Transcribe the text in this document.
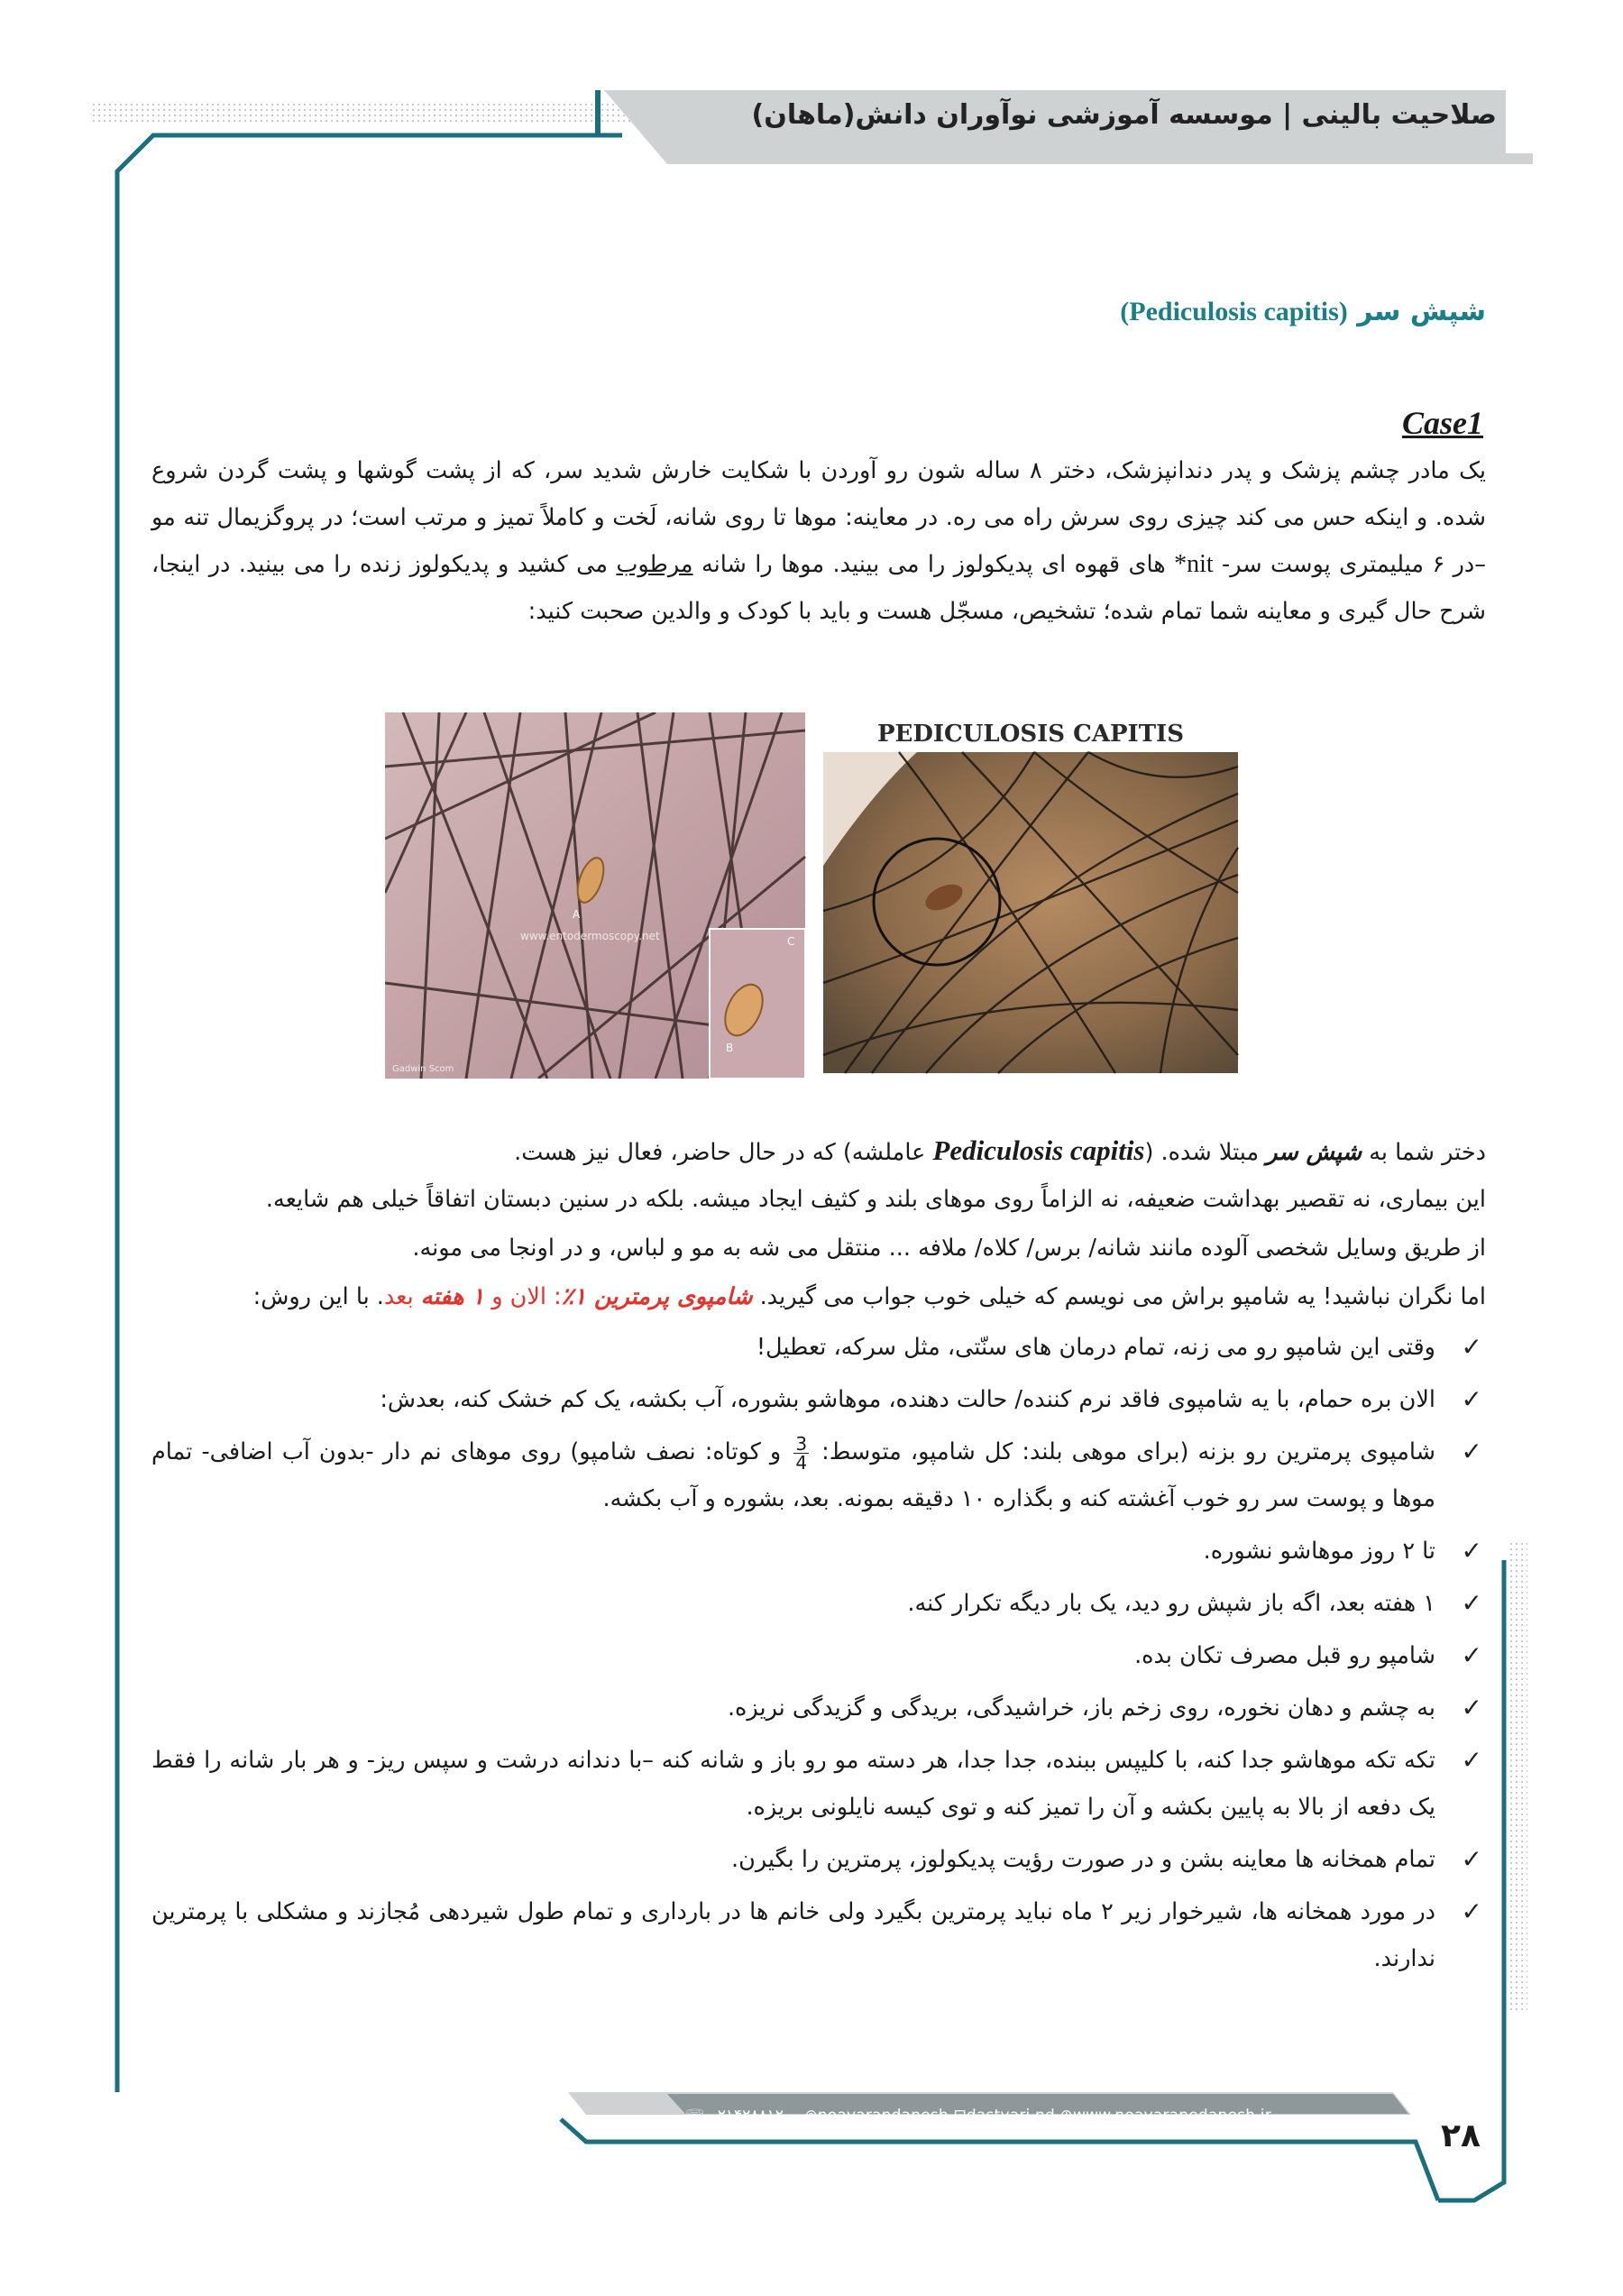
صلاحیت بالینی | موسسه آموزشی نوآوران دانش(ماهان)
شپش سر (Pediculosis capitis)
Case1
یک مادر چشم پزشک و پدر دندانپزشک، دختر ۸ ساله شون رو آوردن با شکایت خارش شدید سر، که از پشت گوشها و پشت گردن شروع شده. و اینکه حس می کند چیزی روی سرش راه می ره. در معاینه: موها تا روی شانه، لَخت و کاملاً تمیز و مرتب است؛ در پروگزیمال تنه مو –در ۶ میلیمتری پوست سر- nit* های قهوه ای پدیکولوز را می بینید. موها را شانه مرطوب می کشید و پدیکولوز زنده را می بینید. در اینجا، شرح حال گیری و معاینه شما تمام شده؛ تشخیص، مسجّل هست و باید با کودک و والدین صحبت کنید:
A
B
C
www.entodermoscopy.net
Gadwin Scom
PEDICULOSIS CAPITIS
دختر شما به شپش سر مبتلا شده. (Pediculosis capitis عاملشه) که در حال حاضر، فعال نیز هست.
این بیماری، نه تقصیر بهداشت ضعیفه، نه الزاماً روی موهای بلند و کثیف ایجاد میشه. بلکه در سنین دبستان اتفاقاً خیلی هم شایعه.
از طریق وسایل شخصی آلوده مانند شانه/ برس/ کلاه/ ملافه ... منتقل می شه به مو و لباس، و در اونجا می مونه.
اما نگران نباشید! یه شامپو براش می نویسم که خیلی خوب جواب می گیرید. شامپوی پرمترین ۱٪: الان و ۱ هفته بعد. با این روش:
✓
وقتی این شامپو رو می زنه، تمام درمان های سنّتی، مثل سرکه، تعطیل!
✓
الان بره حمام، با یه شامپوی فاقد نرم کننده/ حالت دهنده، موهاشو بشوره، آب بکشه، یک کم خشک کنه، بعدش:
✓
شامپوی پرمترین رو بزنه (برای موهی بلند: کل شامپو، متوسط:
$\frac{3}{4}$
و کوتاه: نصف شامپو) روی موهای نم دار -بدون آب اضافی- تمام موها و پوست سر رو خوب آغشته کنه و بگذاره ۱۰ دقیقه بمونه. بعد، بشوره و آب بکشه.
✓
تا ۲ روز موهاشو نشوره.
✓
۱ هفته بعد، اگه باز شپش رو دید، یک بار دیگه تکرار کنه.
✓
شامپو رو قبل مصرف تکان بده.
✓
به چشم و دهان نخوره، روی زخم باز، خراشیدگی، بریدگی و گزیدگی نریزه.
✓
تکه تکه موهاشو جدا کنه، با کلیپس ببنده، جدا جدا، هر دسته مو رو باز و شانه کنه –با دندانه درشت و سپس ریز- و هر بار شانه را فقط یک دفعه از بالا به پایین بکشه و آن را تمیز کنه و توی کیسه نایلونی بریزه.
✓
تمام همخانه ها معاینه بشن و در صورت رؤیت پدیکولوز، پرمترین را بگیرن.
✓
در مورد همخانه ها، شیرخوار زیر ۲ ماه نباید پرمترین بگیرد ولی خانم ها در بارداری و تمام طول شیردهی مُجازند و مشکلی با پرمترین ندارند.
☏ ۰۲۱۴۲۸۸۱۲۰۰ ⊚noavarandanesh ⊡dastyari.nd ⊕www.noavaranedanesh.ir
۲۸
